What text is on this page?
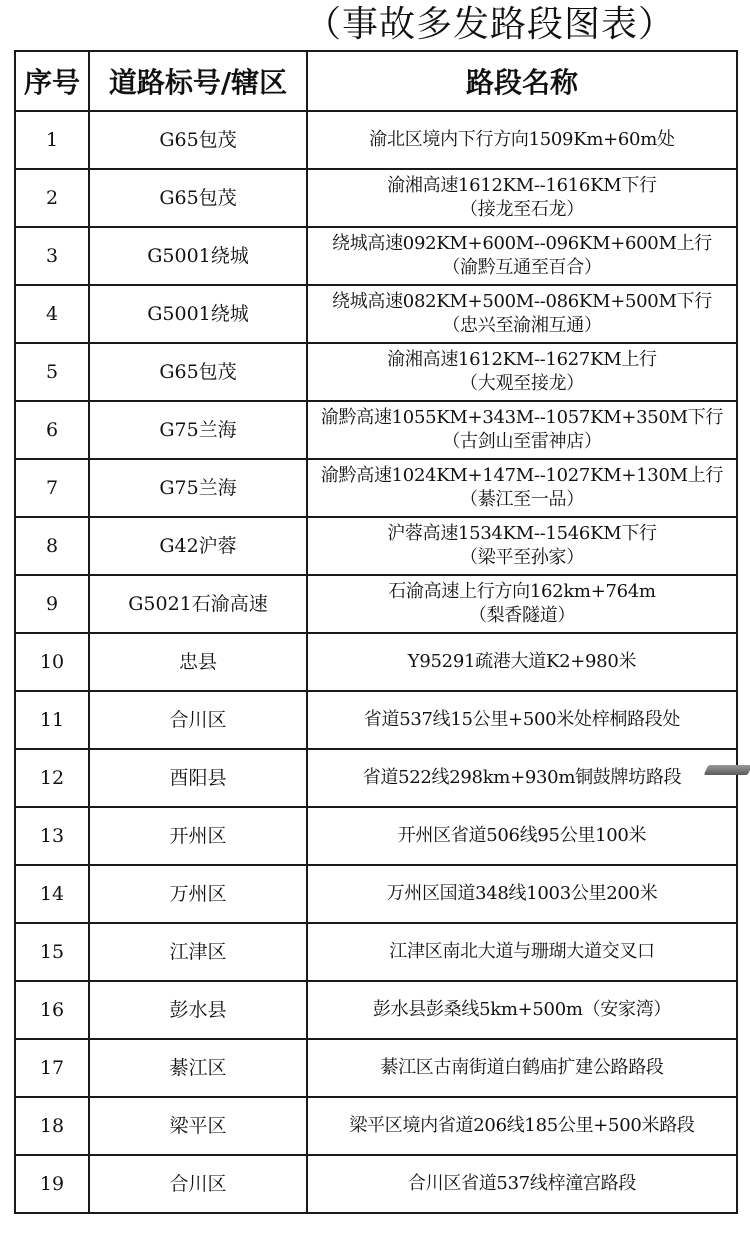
（事故多发路段图表）
序号	道路标号/辖区	路段名称
1	G65包茂	渝北区境内下行方向1509Km+60m处

2	G65包茂	渝湘高速1612KM--1616KM下行
（接龙至石龙）

3	G5001绕城	绕城高速092KM+600M--096KM+600M上行
（渝黔互通至百合）

4	G5001绕城	绕城高速082KM+500M--086KM+500M下行
（忠兴至渝湘互通）

5	G65包茂	渝湘高速1612KM--1627KM上行
（大观至接龙）

6	G75兰海	渝黔高速1055KM+343M--1057KM+350M下行
（古剑山至雷神店）

7	G75兰海	渝黔高速1024KM+147M--1027KM+130M上行
（綦江至一品）

8	G42沪蓉	沪蓉高速1534KM--1546KM下行
（梁平至孙家）

9	G5021石渝高速	石渝高速上行方向162km+764m
（梨香隧道）

10	忠县	Y95291疏港大道K2+980米

11	合川区	省道537线15公里+500米处梓桐路段处

12	酉阳县	省道522线298km+930m铜鼓牌坊路段

13	开州区	开州区省道506线95公里100米

14	万州区	万州区国道348线1003公里200米

15	江津区	江津区南北大道与珊瑚大道交叉口

16	彭水县	彭水县彭桑线5km+500m（安家湾）

17	綦江区	綦江区古南街道白鹤庙扩建公路路段

18	梁平区	梁平区境内省道206线185公里+500米路段

19	合川区	合川区省道537线梓潼宫路段
